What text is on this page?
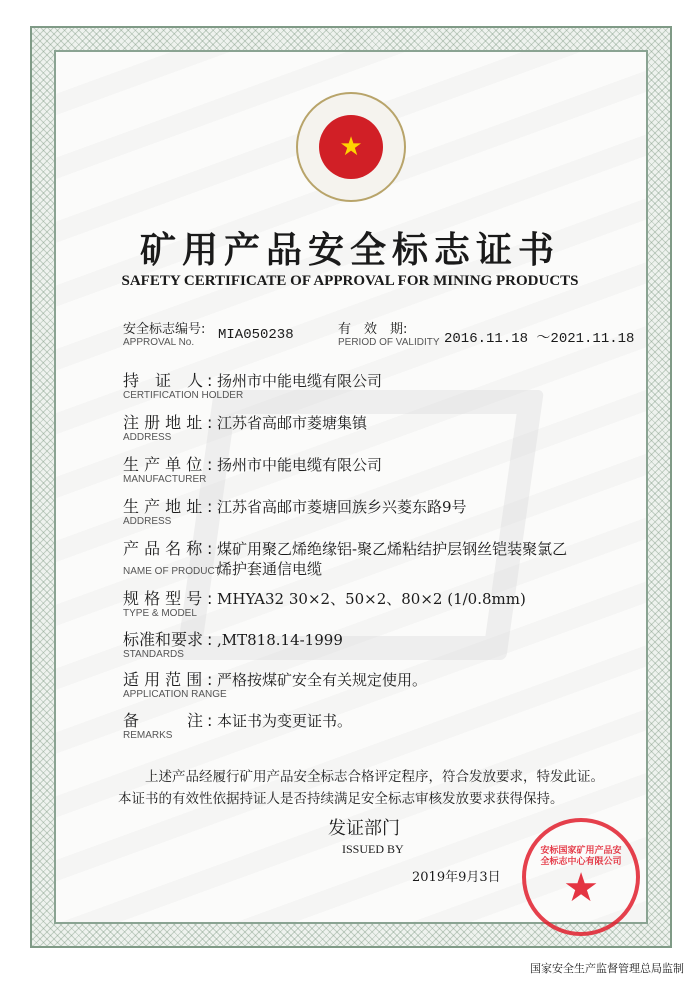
★
矿用产品安全标志证书
SAFETY CERTIFICATE OF APPROVAL FOR MINING PRODUCTS
安全标志编号:
APPROVAL No. MIA050238	有　效　期:
PERIOD OF VALIDITY 2016.11.18 ～2021.11.18
持　证　人 : 扬州市中能电缆有限公司
CERTIFICATION HOLDER
注 册 地 址 : 江苏省高邮市菱塘集镇
ADDRESS
生 产 单 位 : 扬州市中能电缆有限公司
MANUFACTURER
生 产 地 址 : 江苏省高邮市菱塘回族乡兴菱东路9号
ADDRESS
产 品 名 称 : 煤矿用聚乙烯绝缘铝-聚乙烯粘结护层钢丝铠装聚氯乙
NAME OF PRODUCT
烯护套通信电缆
规 格 型 号 : MHYA32 30×2、50×2、80×2 (1/0.8mm)
TYPE & MODEL
标准和要求 : ,MT818.14-1999
STANDARDS
适 用 范 围 : 严格按煤矿安全有关规定使用。
APPLICATION RANGE
备　　　注 : 本证书为变更证书。
REMARKS
上述产品经履行矿用产品安全标志合格评定程序，符合发放要求，特发此证。本证书的有效性依据持证人是否持续满足安全标志审核发放要求获得保持。
发证部门
ISSUED BY
2019年9月3日
安标国家矿用产品安全标志中心有限公司
★
国家安全生产监督管理总局监制
